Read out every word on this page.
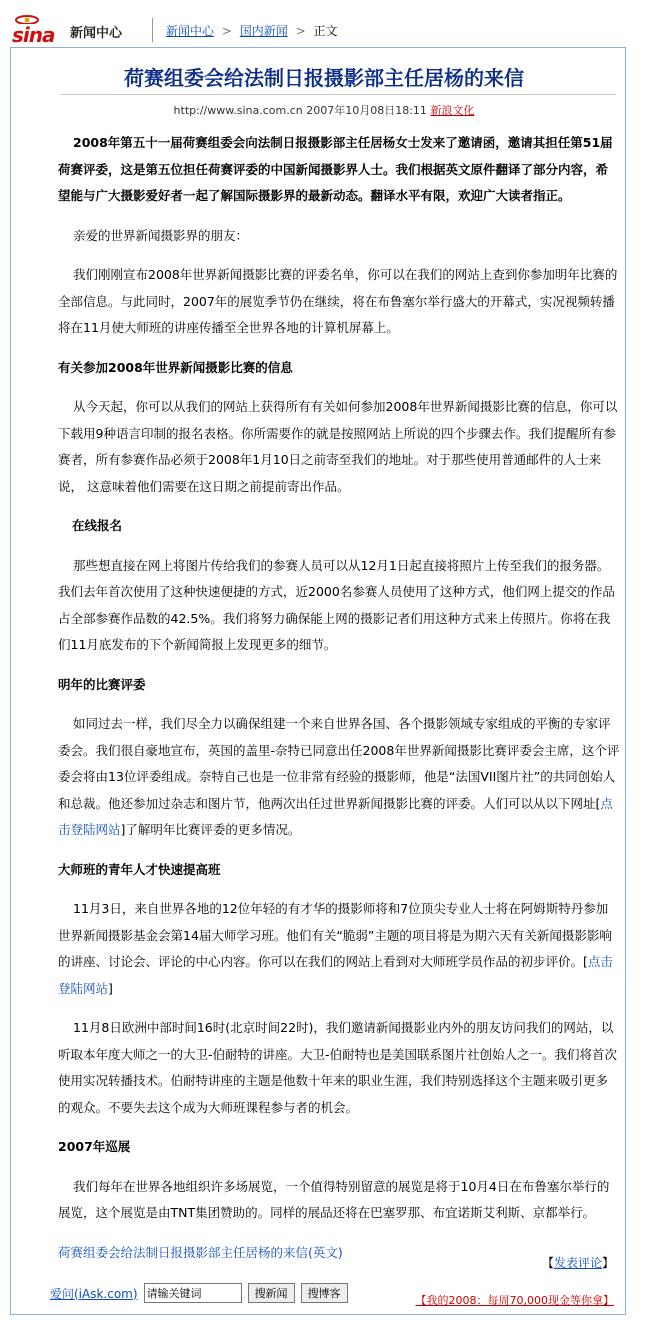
sina 新闻中心	新闻中心 > 国内新闻 > 正文
荷赛组委会给法制日报摄影部主任居杨的来信
http://www.sina.com.cn 2007年10月08日18:11 新浪文化

2008年第五十一届荷赛组委会向法制日报摄影部主任居杨女士发来了邀请函，邀请其担任第51届荷赛评委，这是第五位担任荷赛评委的中国新闻摄影界人士。我们根据英文原件翻译了部分内容，希望能与广大摄影爱好者一起了解国际摄影界的最新动态。翻译水平有限，欢迎广大读者指正。

亲爱的世界新闻摄影界的朋友：

我们刚刚宣布2008年世界新闻摄影比赛的评委名单，你可以在我们的网站上查到你参加明年比赛的全部信息。与此同时，2007年的展览季节仍在继续，将在布鲁塞尔举行盛大的开幕式，实况视频转播将在11月使大师班的讲座传播至全世界各地的计算机屏幕上。

有关参加2008年世界新闻摄影比赛的信息

从今天起，你可以从我们的网站上获得所有有关如何参加2008年世界新闻摄影比赛的信息，你可以下载用9种语言印制的报名表格。你所需要作的就是按照网站上所说的四个步骤去作。我们提醒所有参赛者，所有参赛作品必须于2008年1月10日之前寄至我们的地址。对于那些使用普通邮件的人士来说， 这意味着他们需要在这日期之前提前寄出作品。

在线报名

那些想直接在网上将图片传给我们的参赛人员可以从12月1日起直接将照片上传至我们的报务器。我们去年首次使用了这种快速便捷的方式，近2000名参赛人员使用了这种方式，他们网上提交的作品占全部参赛作品数的42.5%。我们将努力确保能上网的摄影记者们用这种方式来上传照片。你将在我们11月底发布的下个新闻简报上发现更多的细节。

明年的比赛评委

如同过去一样，我们尽全力以确保组建一个来自世界各国、各个摄影领域专家组成的平衡的专家评委会。我们很自豪地宣布，英国的盖里-奈特已同意出任2008年世界新闻摄影比赛评委会主席，这个评委会将由13位评委组成。奈特自己也是一位非常有经验的摄影师，他是“法国VII图片社”的共同创始人和总裁。他还参加过杂志和图片节，他两次出任过世界新闻摄影比赛的评委。人们可以从以下网址[点击登陆网站]了解明年比赛评委的更多情况。

大师班的青年人才快速提高班

11月3日，来自世界各地的12位年轻的有才华的摄影师将和7位顶尖专业人士将在阿姆斯特丹参加世界新闻摄影基金会第14届大师学习班。他们有关“脆弱”主题的项目将是为期六天有关新闻摄影影响的讲座、讨论会、评论的中心内容。你可以在我们的网站上看到对大师班学员作品的初步评价。[点击登陆网站]

11月8日欧洲中部时间16时(北京时间22时)，我们邀请新闻摄影业内外的朋友访问我们的网站，以听取本年度大师之一的大卫-伯耐特的讲座。大卫-伯耐特也是美国联系图片社创始人之一。我们将首次使用实况转播技术。伯耐特讲座的主题是他数十年来的职业生涯，我们特别选择这个主题来吸引更多的观众。不要失去这个成为大师班课程参与者的机会。

2007年巡展

我们每年在世界各地组织许多场展览，一个值得特别留意的展览是将于10月4日在布鲁塞尔举行的展览，这个展览是由TNT集团赞助的。同样的展品还将在巴塞罗那、布宜诺斯艾利斯、京都举行。

荷赛组委会给法制日报摄影部主任居杨的来信(英文)

【发表评论】
爱问(iAsk.com)
请输关键词	搜新闻	搜博客
【我的2008：每周70,000现金等你拿】
